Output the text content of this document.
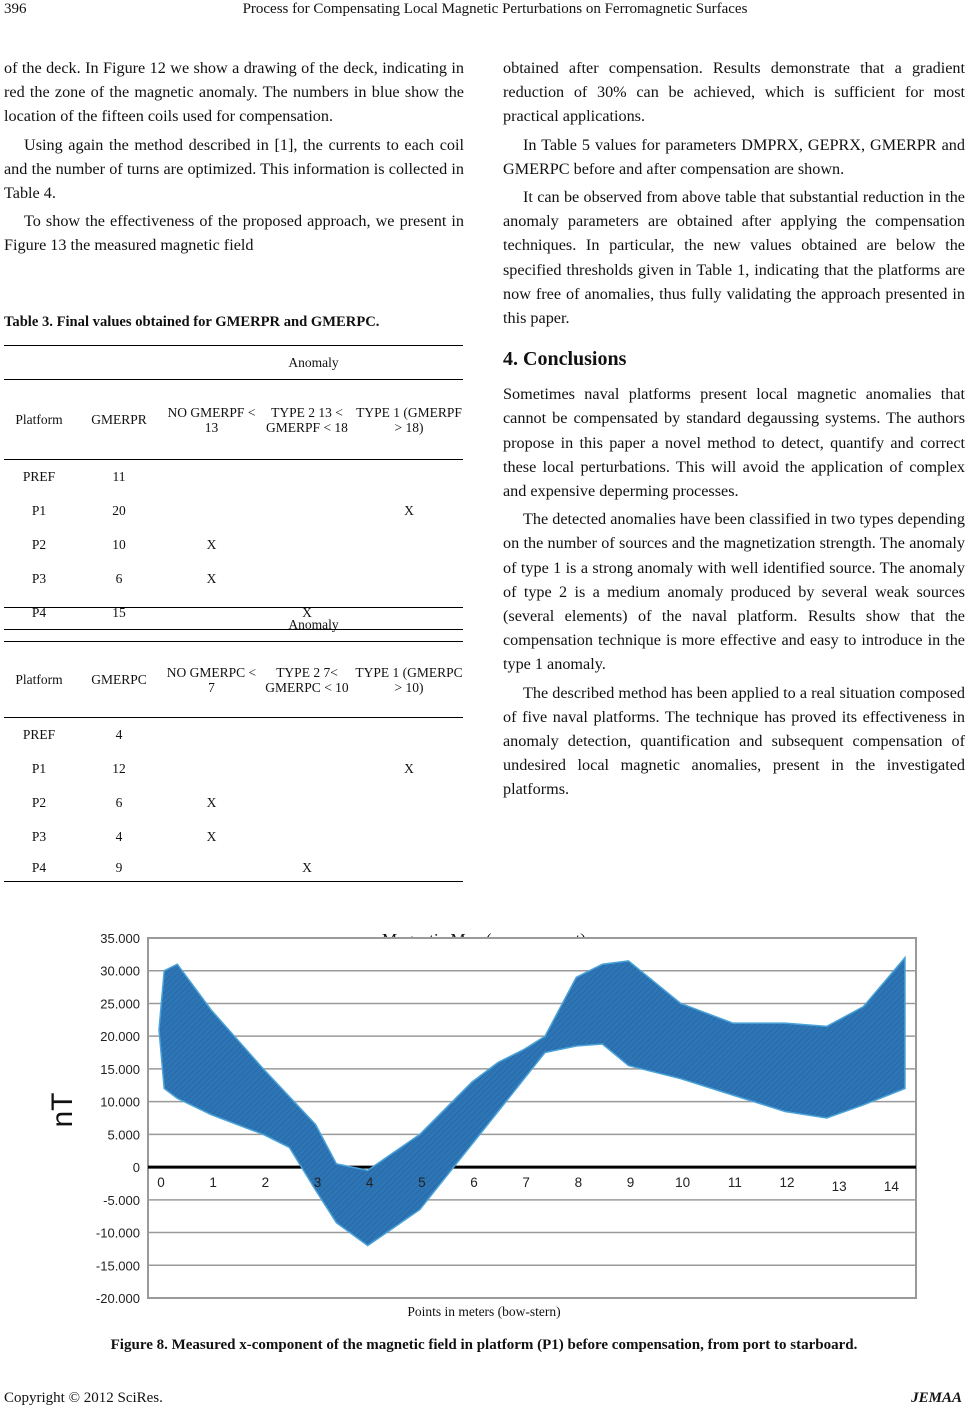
396	Process for Compensating Local Magnetic Perturbations on Ferromagnetic Surfaces

of the deck. In Figure 12 we show a drawing of the deck, indicating in red the zone of the magnetic anomaly. The numbers in blue show the location of the fifteen coils used for compensation.

Using again the method described in [1], the currents to each coil and the number of turns are optimized. This information is collected in Table 4.

To show the effectiveness of the proposed approach, we present in Figure 13 the measured magnetic field

Table 3. Final values obtained for GMERPR and GMERPC.
		Anomaly		
Platform	GMERPR	NO GMERPF < 13	TYPE 2 13 < GMERPF < 18	TYPE 1 (GMERPF > 18)
PREF	11			
P1	20			X
P2	10	X		
P3	6	X		
P4	15		X	
		Anomaly		
Platform	GMERPC	NO GMERPC < 7	TYPE 2 7< GMERPC < 10	TYPE 1 (GMERPC > 10)
PREF	4			
P1	12			X
P2	6	X		
P3	4	X		
P4	9		X	

obtained after compensation. Results demonstrate that a gradient reduction of 30% can be achieved, which is sufficient for most practical applications.

In Table 5 values for parameters DMPRX, GEPRX, GMERPR and GMERPC before and after compensation are shown.

It can be observed from above table that substantial reduction in the anomaly parameters are obtained after applying the compensation techniques. In particular, the new values obtained are below the specified thresholds given in Table 1, indicating that the platforms are now free of anomalies, thus fully validating the approach presented in this paper.

4. Conclusions

Sometimes naval platforms present local magnetic anomalies that cannot be compensated by standard degaussing systems. The authors propose in this paper a novel method to detect, quantify and correct these local perturbations. This will avoid the application of complex and expensive deperming processes.

The detected anomalies have been classified in two types depending on the number of sources and the magnetization strength. The anomaly of type 1 is a strong anomaly with well identified source. The anomaly of type 2 is a medium anomaly produced by several weak sources (several elements) of the naval platform. Results show that the compensation technique is more effective and easy to introduce in the type 1 anomaly.

The described method has been applied to a real situation composed of five naval platforms. The technique has proved its effectiveness in anomaly detection, quantification and subsequent compensation of undesired local magnetic anomalies, present in the investigated platforms.

35.000
30.000
25.000
20.000
15.000
10.000
5.000
0
-5.000
-10.000
-15.000
-20.000
0	1	2	3	4	5	6	7	8	9	10	11	12	13	14
nT
Points in meters (bow-stern)
Figure 8. Measured x-component of the magnetic field in platform (P1) before compensation, from port to starboard.
Copyright © 2012 SciRes.	JEMAA
